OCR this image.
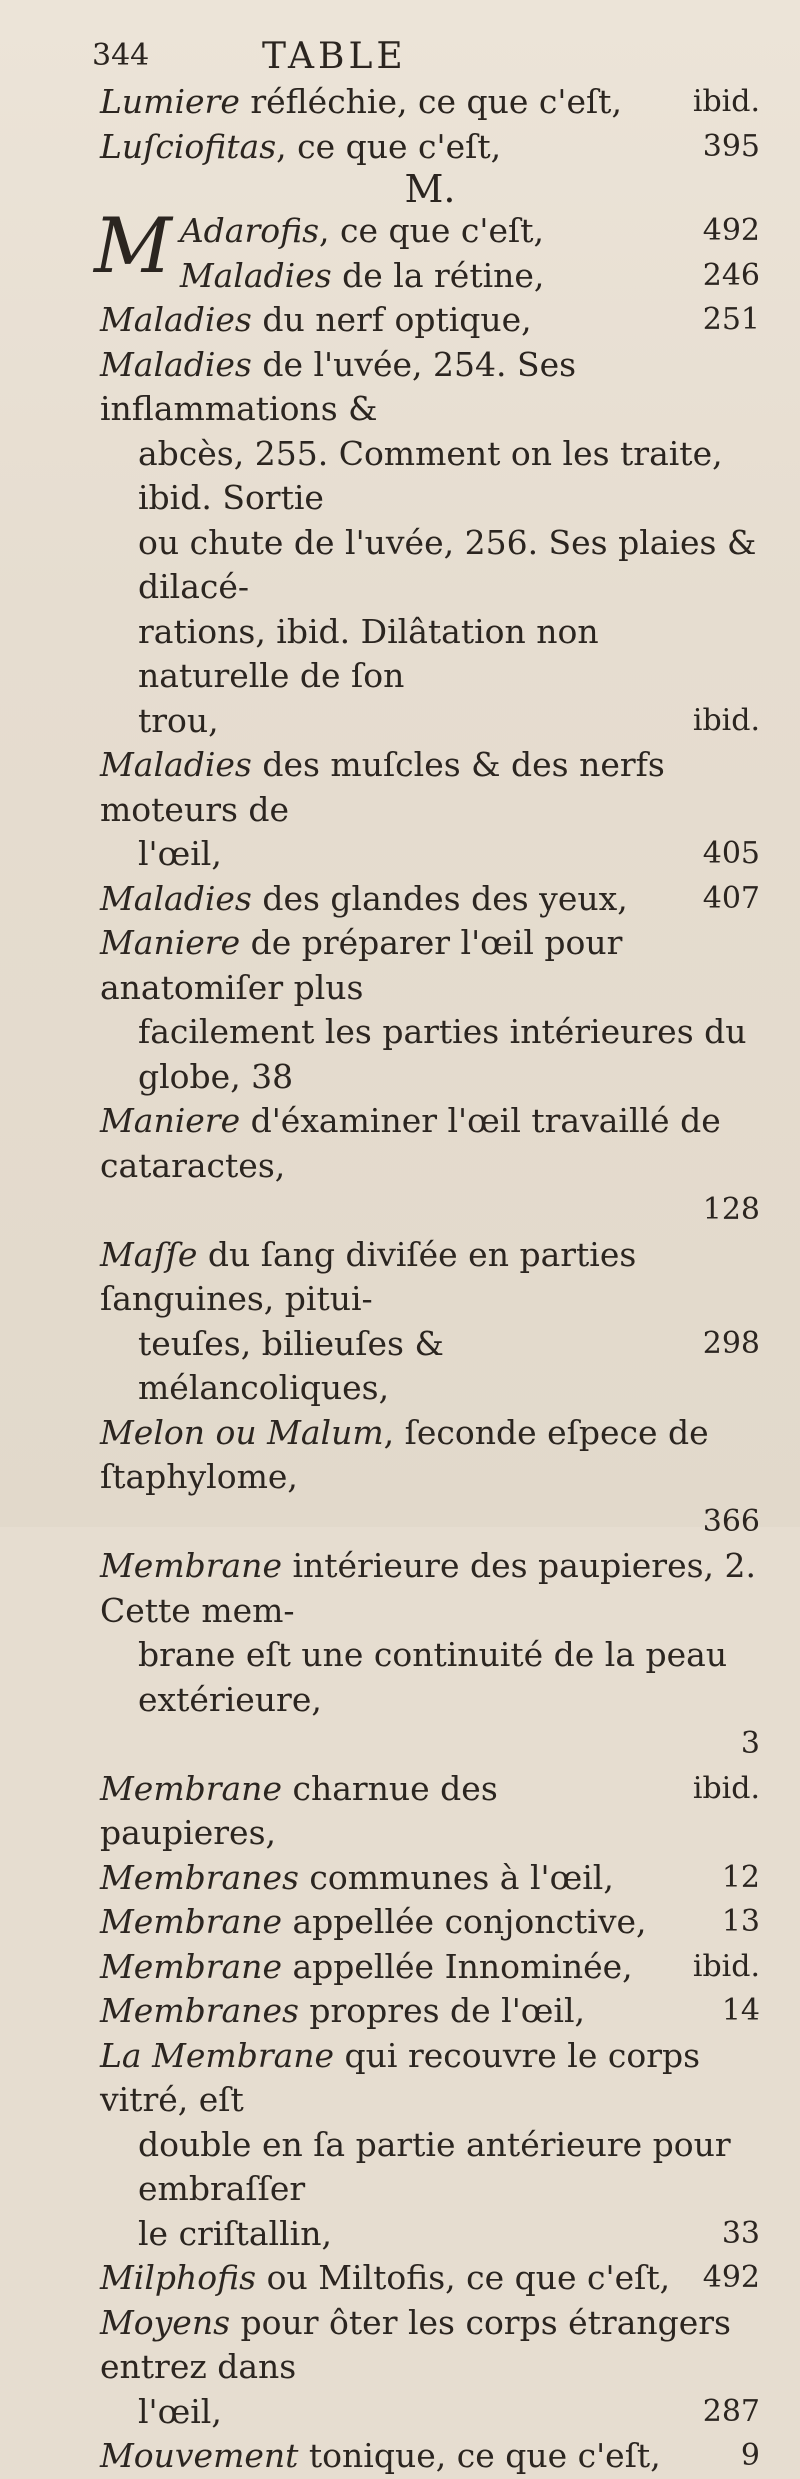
344	TABLE

ibid.
Lumiere réfléchie, ce que c'eſt,

395
Luſciofitas, ce que c'eſt,

M.

M	492
Adarofis, ce que c'eſt,

246
Maladies de la rétine,

251
Maladies du nerf optique,

Maladies de l'uvée, 254. Ses inflammations &
abcès, 255. Comment on les traite, ibid. Sortie
ou chute de l'uvée, 256. Ses plaies & dilacé-
rations, ibid. Dilâtation non naturelle de ſon
ibid.
trou,

Maladies des muſcles & des nerfs moteurs de
405
l'œil,

407
Maladies des glandes des yeux,

Maniere de préparer l'œil pour anatomiſer plus
facilement les parties intérieures du globe, 38

Maniere d'éxaminer l'œil travaillé de cataractes,
128

Maſſe du ſang diviſée en parties ſanguines, pitui-
298
teuſes, bilieuſes & mélancoliques,

Melon ou Malum, ſeconde eſpece de ſtaphylome,
366

Membrane intérieure des paupieres, 2. Cette mem-
brane eſt une continuité de la peau extérieure,
3

ibid.
Membrane charnue des paupieres,

12
Membranes communes à l'œil,

13
Membrane appellée conjonctive,

ibid.
Membrane appellée Innominée,

14
Membranes propres de l'œil,

La Membrane qui recouvre le corps vitré, eſt
double en ſa partie antérieure pour embraſſer
33
le criſtallin,

492
Milphofis ou Miltofis, ce que c'eſt,

Moyens pour ôter les corps étrangers entrez dans
287
l'œil,

9
Mouvement tonique, ce que c'eſt,
